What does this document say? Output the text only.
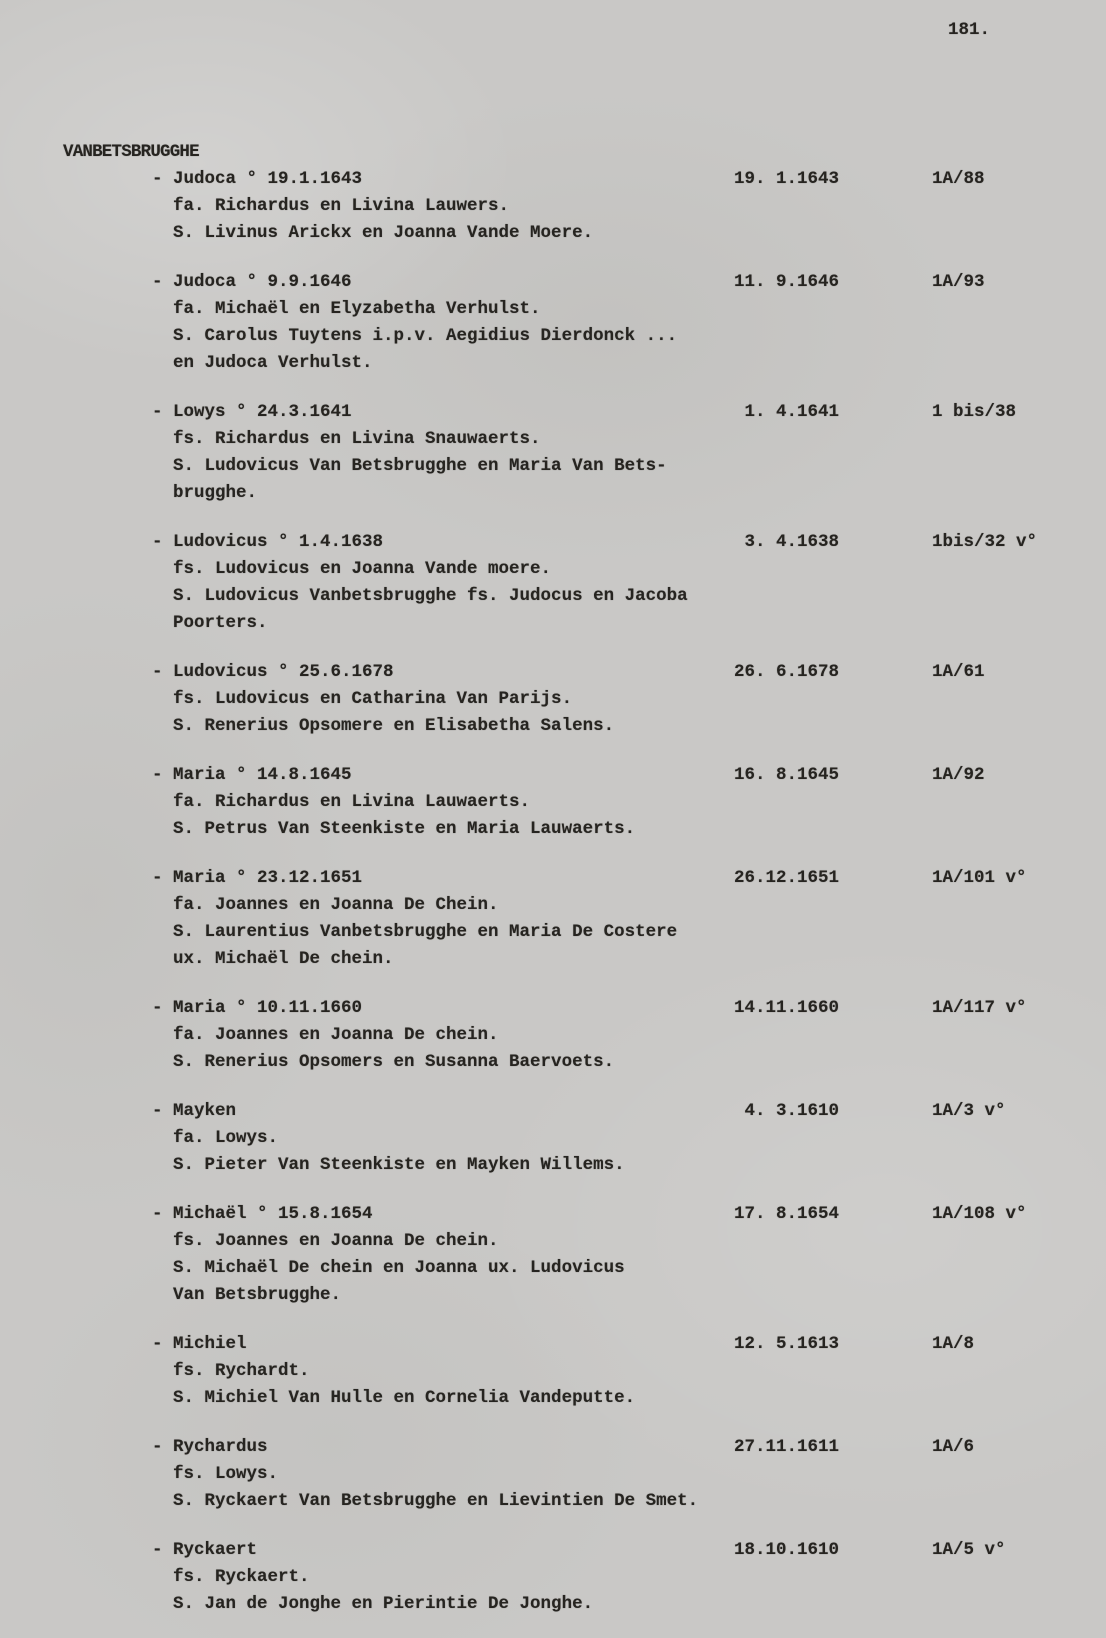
181.
VANBETSBRUGGHE
- Judoca ° 19.1.1643	19. 1.1643	1A/88
fa. Richardus en Livina Lauwers.
S. Livinus Arickx en Joanna Vande Moere.
- Judoca ° 9.9.1646	11. 9.1646	1A/93
fa. Michaël en Elyzabetha Verhulst.
S. Carolus Tuytens i.p.v. Aegidius Dierdonck ...
en Judoca Verhulst.
- Lowys ° 24.3.1641	1. 4.1641	1 bis/38
fs. Richardus en Livina Snauwaerts.
S. Ludovicus Van Betsbrugghe en Maria Van Bets-
brugghe.
- Ludovicus ° 1.4.1638	3. 4.1638	1bis/32 v°
fs. Ludovicus en Joanna Vande moere.
S. Ludovicus Vanbetsbrugghe fs. Judocus en Jacoba
Poorters.
- Ludovicus ° 25.6.1678	26. 6.1678	1A/61
fs. Ludovicus en Catharina Van Parijs.
S. Renerius Opsomere en Elisabetha Salens.
- Maria ° 14.8.1645	16. 8.1645	1A/92
fa. Richardus en Livina Lauwaerts.
S. Petrus Van Steenkiste en Maria Lauwaerts.
- Maria ° 23.12.1651	26.12.1651	1A/101 v°
fa. Joannes en Joanna De Chein.
S. Laurentius Vanbetsbrugghe en Maria De Costere
ux. Michaël De chein.
- Maria ° 10.11.1660	14.11.1660	1A/117 v°
fa. Joannes en Joanna De chein.
S. Renerius Opsomers en Susanna Baervoets.
- Mayken	4. 3.1610	1A/3 v°
fa. Lowys.
S. Pieter Van Steenkiste en Mayken Willems.
- Michaël ° 15.8.1654	17. 8.1654	1A/108 v°
fs. Joannes en Joanna De chein.
S. Michaël De chein en Joanna ux. Ludovicus
Van Betsbrugghe.
- Michiel	12. 5.1613	1A/8
fs. Rychardt.
S. Michiel Van Hulle en Cornelia Vandeputte.
- Rychardus	27.11.1611	1A/6
fs. Lowys.
S. Ryckaert Van Betsbrugghe en Lievintien De Smet.
- Ryckaert	18.10.1610	1A/5 v°
fs. Ryckaert.
S. Jan de Jonghe en Pierintie De Jonghe.
